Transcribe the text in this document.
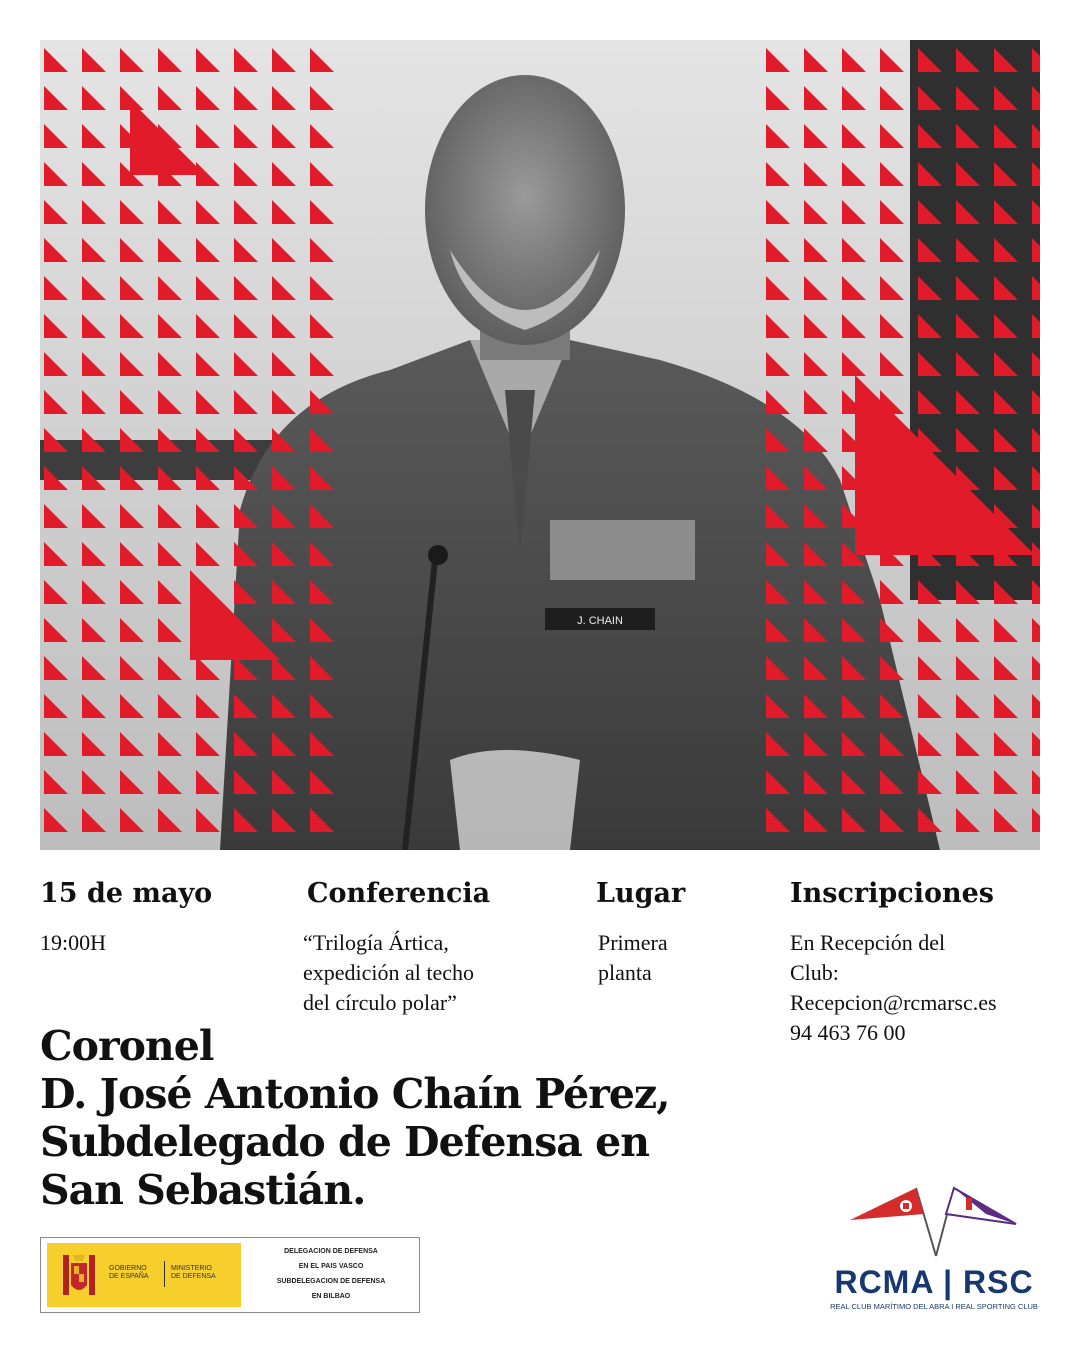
J. CHAIN
15 de mayo
19:00H
Conferencia
“Trilogía Ártica,
expedición al techo
del círculo polar”
Lugar
Primera
planta
Inscripciones
En Recepción del
Club:
Recepcion@rcmarsc.es
94 463 76 00
Coronel
D. José Antonio Chaín Pérez,
Subdelegado de Defensa en
San Sebastián.
GOBIERNO
DE ESPAÑA
MINISTERIO
DE DEFENSA
DELEGACION DE DEFENSA
EN EL PAIS VASCO
SUBDELEGACION DE DEFENSA
EN BILBAO	RCMA | RSC
REAL CLUB MARÍTIMO DEL ABRA I REAL SPORTING CLUB
